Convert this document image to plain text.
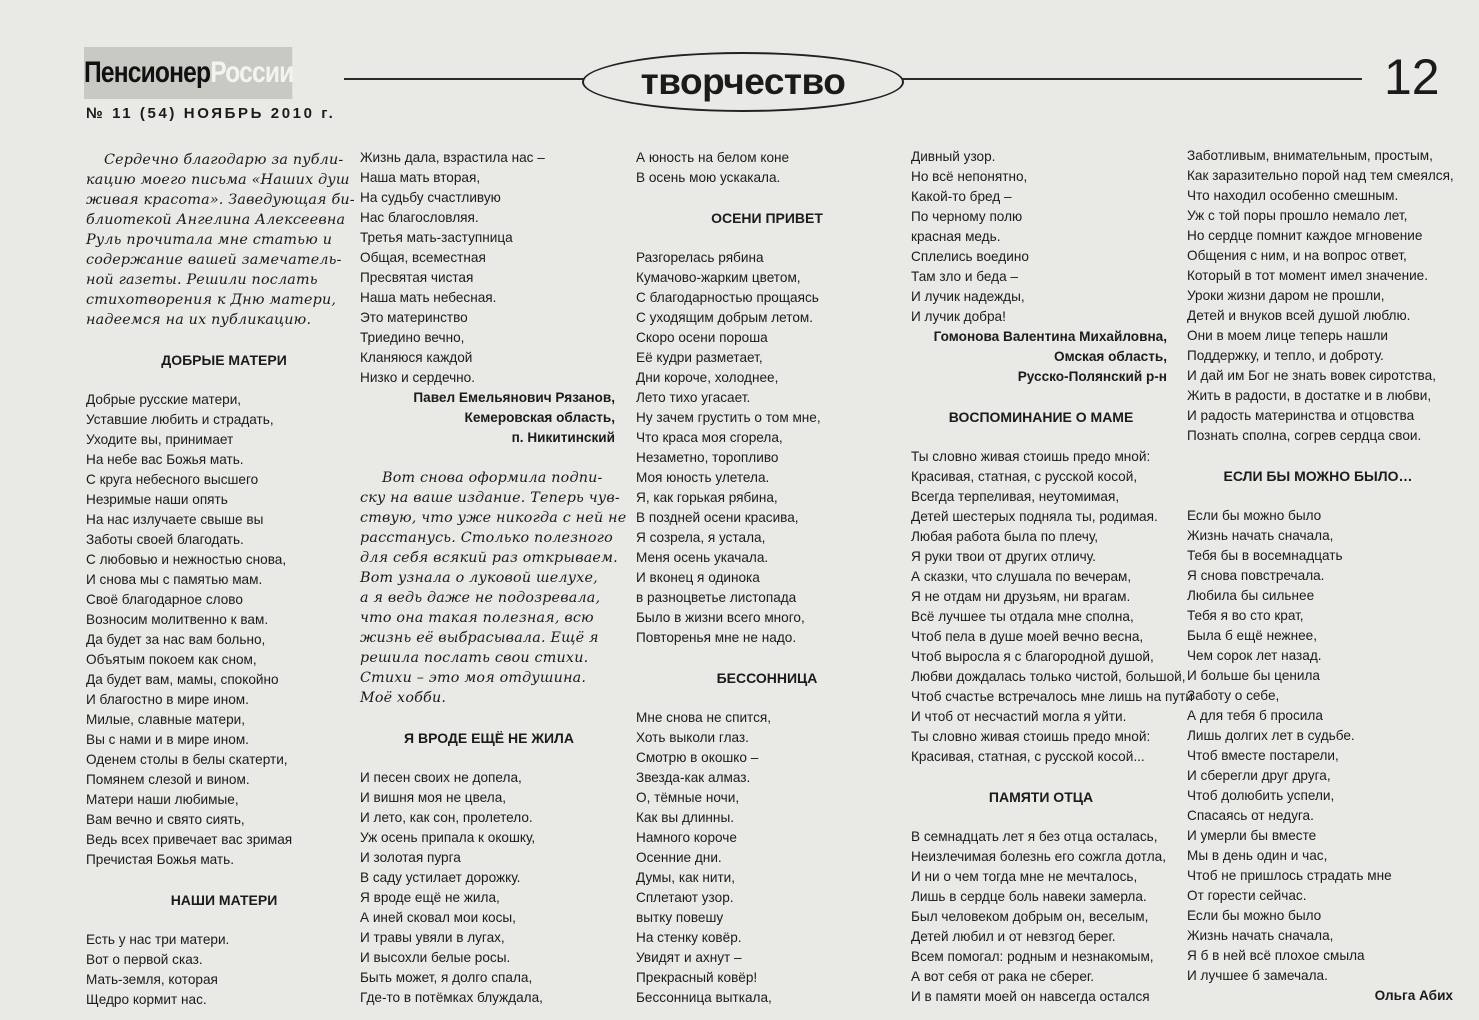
ПенсионерРоссии
№ 11 (54) НОЯБРЬ 2010 г.
творчество	12

Сердечно благодарю за публи-

кацию моего письма «Наших душ

живая красота». Заведующая би-

блиотекой Ангелина Алексеевна

Руль прочитала мне статью и

содержание вашей замечатель-

ной газеты. Решили послать

стихотворения к Дню матери,

надеемся на их публикацию.

ДОБРЫЕ МАТЕРИ

Добрые русские матери,

Уставшие любить и страдать,

Уходите вы, принимает

На небе вас Божья мать.

С круга небесного высшего

Незримые наши опять

На нас излучаете свыше вы

Заботы своей благодать.

С любовью и нежностью снова,

И снова мы с памятью мам.

Своё благодарное слово

Возносим молитвенно к вам.

Да будет за нас вам больно,

Объятым покоем как сном,

Да будет вам, мамы, спокойно

И благостно в мире ином.

Милые, славные матери,

Вы с нами и в мире ином.

Оденем столы в белы скатерти,

Помянем слезой и вином.

Матери наши любимые,

Вам вечно и свято сиять,

Ведь всех привечает вас зримая

Пречистая Божья мать.

НАШИ МАТЕРИ

Есть у нас три матери.

Вот о первой сказ.

Мать-земля, которая

Щедро кормит нас.

Жизнь дала, взрастила нас –

Наша мать вторая,

На судьбу счастливую

Нас благословляя.

Третья мать-заступница

Общая, всеместная

Пресвятая чистая

Наша мать небесная.

Это материнство

Триедино вечно,

Кланяюся каждой

Низко и сердечно.

Павел Емельянович Рязанов,

Кемеровская область,

п. Никитинский

Вот снова оформила подпи-

ску на ваше издание. Теперь чув-

ствую, что уже никогда с ней не

расстанусь. Столько полезного

для себя всякий раз открываем.

Вот узнала о луковой шелухе,

а я ведь даже не подозревала,

что она такая полезная, всю

жизнь её выбрасывала. Ещё я

решила послать свои стихи.

Стихи – это моя отдушина.

Моё хобби.

Я ВРОДЕ ЕЩЁ НЕ ЖИЛА

И песен своих не допела,

И вишня моя не цвела,

И лето, как сон, пролетело.

Уж осень припала к окошку,

И золотая пурга

В саду устилает дорожку.

Я вроде ещё не жила,

А иней сковал мои косы,

И травы увяли в лугах,

И высохли белые росы.

Быть может, я долго спала,

Где-то в потёмках блуждала,

А юность на белом коне

В осень мою ускакала.

ОСЕНИ ПРИВЕТ

Разгорелась рябина

Кумачово-жарким цветом,

С благодарностью прощаясь

С уходящим добрым летом.

Скоро осени пороша

Её кудри разметает,

Дни короче, холоднее,

Лето тихо угасает.

Ну зачем грустить о том мне,

Что краса моя сгорела,

Незаметно, торопливо

Моя юность улетела.

Я, как горькая рябина,

В поздней осени красива,

Я созрела, я устала,

Меня осень укачала.

И вконец я одинока

в разноцветье листопада

Было в жизни всего много,

Повторенья мне не надо.

БЕССОННИЦА

Мне снова не спится,

Хоть выколи глаз.

Смотрю в окошко –

Звезда-как алмаз.

О, тёмные ночи,

Как вы длинны.

Намного короче

Осенние дни.

Думы, как нити,

Сплетают узор.

вытку повешу

На стенку ковёр.

Увидят и ахнут –

Прекрасный ковёр!

Бессонница выткала,

Дивный узор.

Но всё непонятно,

Какой-то бред –

По черному полю

красная медь.

Сплелись воедино

Там зло и беда –

И лучик надежды,

И лучик добра!

Гомонова Валентина Михайловна,

Омская область,

Русско-Полянский р-н

ВОСПОМИНАНИЕ О МАМЕ

Ты словно живая стоишь предо мной:

Красивая, статная, с русской косой,

Всегда терпеливая, неутомимая,

Детей шестерых подняла ты, родимая.

Любая работа была по плечу,

Я руки твои от других отличу.

А сказки, что слушала по вечерам,

Я не отдам ни друзьям, ни врагам.

Всё лучшее ты отдала мне сполна,

Чтоб пела в душе моей вечно весна,

Чтоб выросла я с благородной душой,

Любви дождалась только чистой, большой,

Чтоб счастье встречалось мне лишь на пути

И чтоб от несчастий могла я уйти.

Ты словно живая стоишь предо мной:

Красивая, статная, с русской косой...

ПАМЯТИ ОТЦА

В семнадцать лет я без отца осталась,

Неизлечимая болезнь его сожгла дотла,

И ни о чем тогда мне не мечталось,

Лишь в сердце боль навеки замерла.

Был человеком добрым он, веселым,

Детей любил и от невзгод берег.

Всем помогал: родным и незнакомым,

А вот себя от рака не сберег.

И в памяти моей он навсегда остался

Заботливым, внимательным, простым,

Как заразительно порой над тем смеялся,

Что находил особенно смешным.

Уж с той поры прошло немало лет,

Но сердце помнит каждое мгновение

Общения с ним, и на вопрос ответ,

Который в тот момент имел значение.

Уроки жизни даром не прошли,

Детей и внуков всей душой люблю.

Они в моем лице теперь нашли

Поддержку, и тепло, и доброту.

И дай им Бог не знать вовек сиротства,

Жить в радости, в достатке и в любви,

И радость материнства и отцовства

Познать сполна, согрев сердца свои.

ЕСЛИ БЫ МОЖНО БЫЛО…

Если бы можно было

Жизнь начать сначала,

Тебя бы в восемнадцать

Я снова повстречала.

Любила бы сильнее

Тебя я во сто крат,

Была б ещё нежнее,

Чем сорок лет назад.

И больше бы ценила

Заботу о себе,

А для тебя б просила

Лишь долгих лет в судьбе.

Чтоб вместе постарели,

И сберегли друг друга,

Чтоб долюбить успели,

Спасаясь от недуга.

И умерли бы вместе

Мы в день один и час,

Чтоб не пришлось страдать мне

От горести сейчас.

Если бы можно было

Жизнь начать сначала,

Я б в ней всё плохое смыла

И лучшее б замечала.

Ольга Абих
